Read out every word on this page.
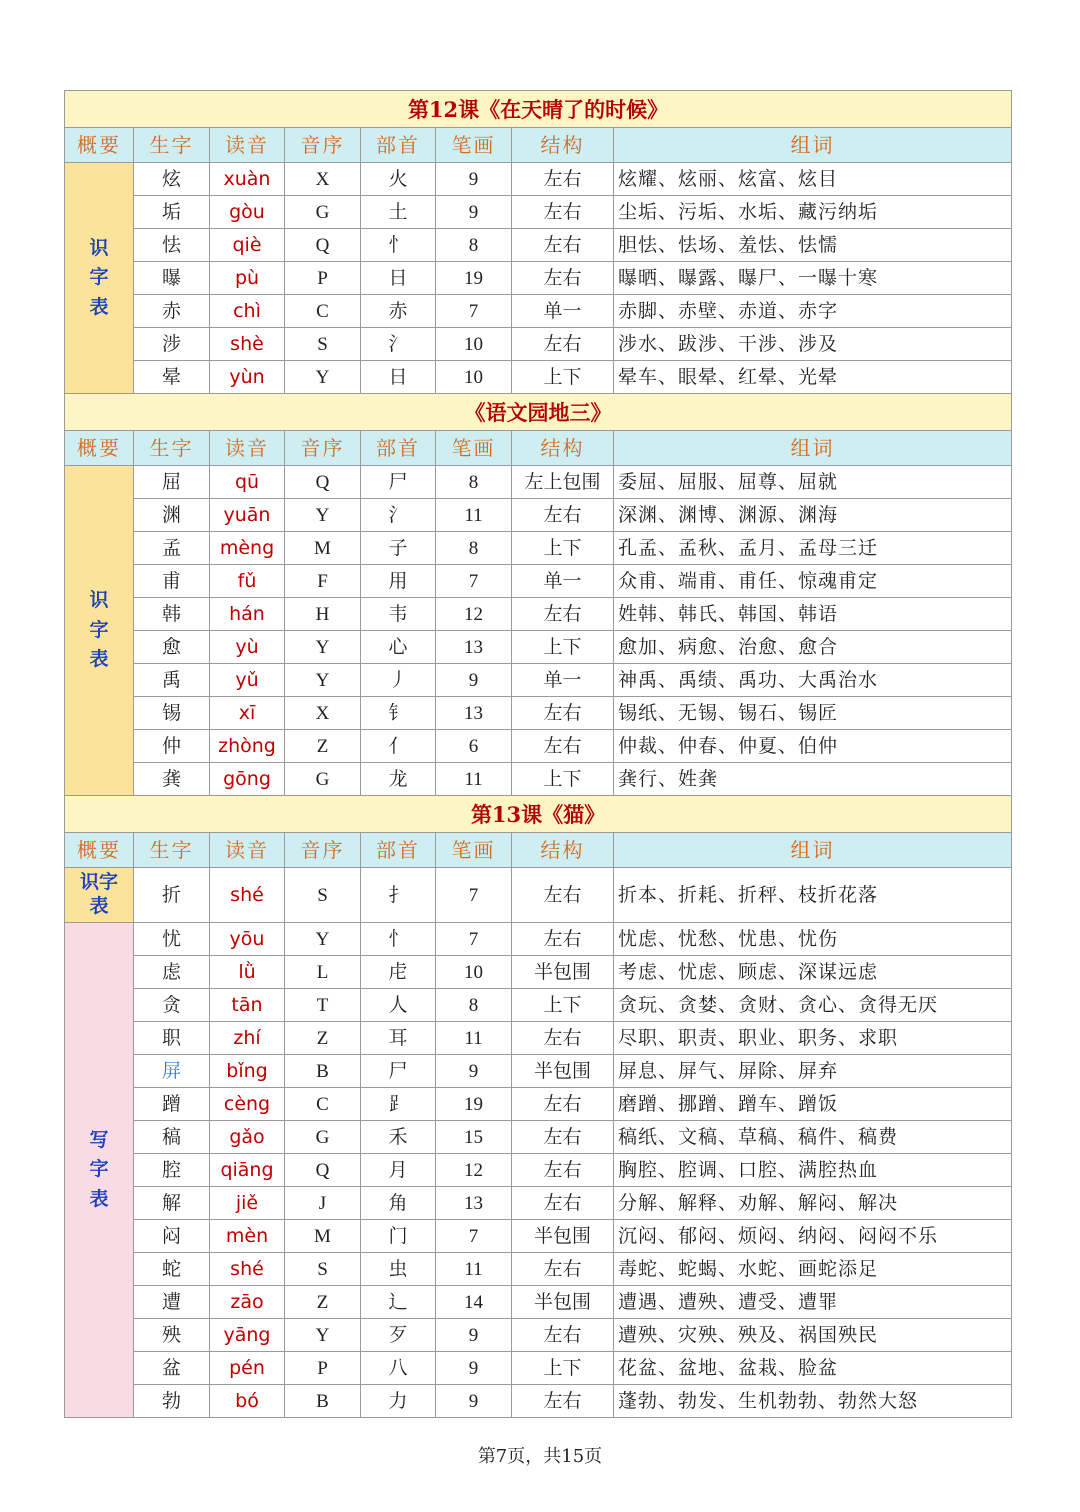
第12课《在天晴了的时候》							
概要	生字	读音	音序	部首	笔画	结构	组词

识
字
表	炫	xuàn	X	火	9	左右	炫耀、炫丽、炫富、炫目
	垢	gòu	G	土	9	左右	尘垢、污垢、水垢、藏污纳垢
	怯	qiè	Q	忄	8	左右	胆怯、怯场、羞怯、怯懦
	曝	pù	P	日	19	左右	曝晒、曝露、曝尸、一曝十寒
	赤	chì	C	赤	7	单一	赤脚、赤壁、赤道、赤字
	涉	shè	S	氵	10	左右	涉水、跋涉、干涉、涉及
	晕	yùn	Y	日	10	上下	晕车、眼晕、红晕、光晕
《语文园地三》							
概要	生字	读音	音序	部首	笔画	结构	组词

识
字
表	屈	qū	Q	尸	8	左上包围	委屈、屈服、屈尊、屈就
	渊	yuān	Y	氵	11	左右	深渊、渊博、渊源、渊海
	孟	mèng	M	子	8	上下	孔孟、孟秋、孟月、孟母三迁
	甫	fǔ	F	用	7	单一	众甫、端甫、甫任、惊魂甫定
	韩	hán	H	韦	12	左右	姓韩、韩氏、韩国、韩语
	愈	yù	Y	心	13	上下	愈加、病愈、治愈、愈合
	禹	yǔ	Y	丿	9	单一	神禹、禹绩、禹功、大禹治水
	锡	xī	X	钅	13	左右	锡纸、无锡、锡石、锡匠
	仲	zhòng	Z	亻	6	左右	仲裁、仲春、仲夏、伯仲
	龚	gōng	G	龙	11	上下	龚行、姓龚
第13课《猫》							
概要	生字	读音	音序	部首	笔画	结构	组词

识字
表	折	shé	S	扌	7	左右	折本、折耗、折秤、枝折花落

写
字
表	忧	yōu	Y	忄	7	左右	忧虑、忧愁、忧患、忧伤
	虑	lǜ	L	虍	10	半包围	考虑、忧虑、顾虑、深谋远虑
	贪	tān	T	人	8	上下	贪玩、贪婪、贪财、贪心、贪得无厌
	职	zhí	Z	耳	11	左右	尽职、职责、职业、职务、求职
	屏	bǐng	B	尸	9	半包围	屏息、屏气、屏除、屏弃
	蹭	cèng	C	⻊	19	左右	磨蹭、挪蹭、蹭车、蹭饭
	稿	gǎo	G	禾	15	左右	稿纸、文稿、草稿、稿件、稿费
	腔	qiāng	Q	月	12	左右	胸腔、腔调、口腔、满腔热血
	解	jiě	J	角	13	左右	分解、解释、劝解、解闷、解决
	闷	mèn	M	门	7	半包围	沉闷、郁闷、烦闷、纳闷、闷闷不乐
	蛇	shé	S	虫	11	左右	毒蛇、蛇蝎、水蛇、画蛇添足
	遭	zāo	Z	辶	14	半包围	遭遇、遭殃、遭受、遭罪
	殃	yāng	Y	歹	9	左右	遭殃、灾殃、殃及、祸国殃民
	盆	pén	P	八	9	上下	花盆、盆地、盆栽、脸盆
	勃	bó	B	力	9	左右	蓬勃、勃发、生机勃勃、勃然大怒
第7页，共15页
